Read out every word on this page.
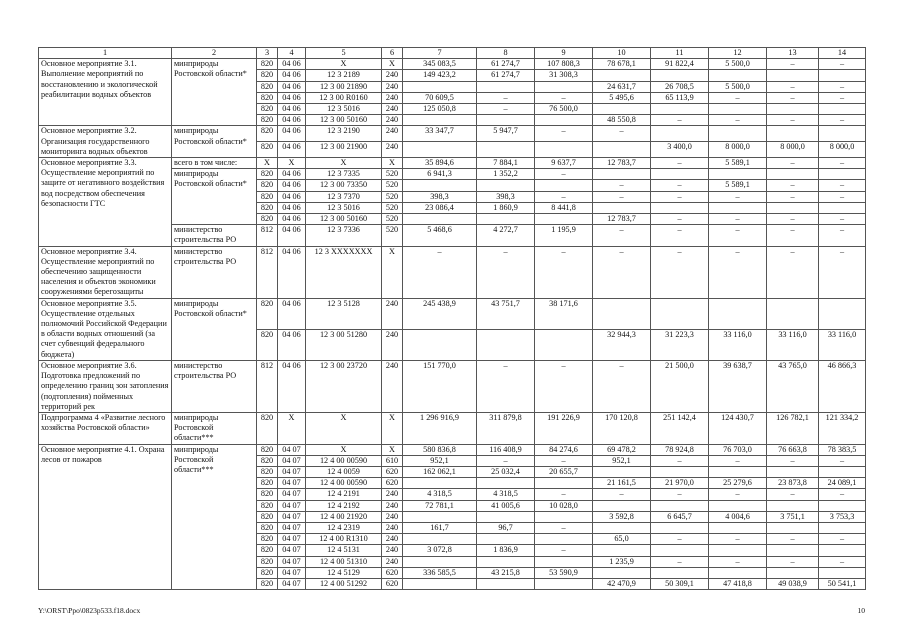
1	2	3	4	5	6	7	8	9	10	11	12	13	14
Основное мероприятие 3.1. Выполнение мероприятий по восстановлению и экологической реабилитации водных объектов	минприроды Ростовской области*	820	04 06	X	X	345 083,5	61 274,7	107 808,3	78 678,1	91 822,4	5 500,0	–	–
		820	04 06	12 3 2189	240	149 423,2	61 274,7	31 308,3					
		820	04 06	12 3 00 21890	240				24 631,7	26 708,5	5 500,0	–	–
		820	04 06	12 3 00 R0160	240	70 609,5	–	–	5 495,6	65 113,9	–	–	–
		820	04 06	12 3 5016	240	125 050,8	–	76 500,0					
		820	04 06	12 3 00 50160	240				48 550,8	–	–	–	–
Основное мероприятие 3.2. Организация государственного мониторинга водных объектов	минприроды Ростовской области*	820	04 06	12 3 2190	240	33 347,7	5 947,7	–	–				
		820	04 06	12 3 00 21900	240					3 400,0	8 000,0	8 000,0	8 000,0
Основное мероприятие 3.3. Осуществление мероприятий по защите от негативного воздействия вод посредством обеспечения безопасности ГТС	всего в том числе:	X	X	X	X	35 894,6	7 884,1	9 637,7	12 783,7	–	5 589,1	–	–
	минприроды Ростовской области*	820	04 06	12 3 7335	520	6 941,3	1 352,2	–					
		820	04 06	12 3 00 73350	520				–	–	5 589,1	–	–
		820	04 06	12 3 7370	520	398,3	398,3	–	–	–	–	–	–
		820	04 06	12 3 5016	520	23 086,4	1 860,9	8 441,8					
		820	04 06	12 3 00 50160	520				12 783,7	–	–	–	–
	министерство строительства РО	812	04 06	12 3 7336	520	5 468,6	4 272,7	1 195,9	–	–	–	–	–
Основное мероприятие 3.4. Осуществление мероприятий по обеспечению защищенности населения и объектов экономики сооружениями берегозащиты	министерство строительства РО	812	04 06	12 3 XXXXXXX	X	–	–	–	–	–	–	–	–
Основное мероприятие 3.5. Осуществление отдельных полномочий Российской Федерации в области водных отношений (за счет субвенций федерального бюджета)	минприроды Ростовской области*	820	04 06	12 3 5128	240	245 438,9	43 751,7	38 171,6					
		820	04 06	12 3 00 51280	240				32 944,3	31 223,3	33 116,0	33 116,0	33 116,0
Основное мероприятие 3.6. Подготовка предложений по определению границ зон затопления (подтопления) пойменных территорий рек	министерство строительства РО	812	04 06	12 3 00 23720	240	151 770,0	–	–	–	21 500,0	39 638,7	43 765,0	46 866,3
Подпрограмма 4 «Развитие лесного хозяйства Ростовской области»	минприроды Ростовской области***	820	X	X	X	1 296 916,9	311 879,8	191 226,9	170 120,8	251 142,4	124 430,7	126 782,1	121 334,2
Основное мероприятие 4.1. Охрана лесов от пожаров	минприроды Ростовской области***	820	04 07	X	X	580 836,8	116 408,9	84 274,6	69 478,2	78 924,8	76 703,0	76 663,8	78 383,5
		820	04 07	12 4 00 00590	610	952,1	–	–	952,1	–	–	–	–
		820	04 07	12 4 0059	620	162 062,1	25 032,4	20 655,7					
		820	04 07	12 4 00 00590	620				21 161,5	21 970,0	25 279,6	23 873,8	24 089,1
		820	04 07	12 4 2191	240	4 318,5	4 318,5	–	–	–	–	–	–
		820	04 07	12 4 2192	240	72 781,1	41 005,6	10 028,0					
		820	04 07	12 4 00 21920	240				3 592,8	6 645,7	4 004,6	3 751,1	3 753,3
		820	04 07	12 4 2319	240	161,7	96,7	–					
		820	04 07	12 4 00 R1310	240				65,0	–	–	–	–
		820	04 07	12 4 5131	240	3 072,8	1 836,9	–					
		820	04 07	12 4 00 51310	240				1 235,9	–	–	–	–
		820	04 07	12 4 5129	620	336 585,5	43 215,8	53 590,9					
		820	04 07	12 4 00 51292	620				42 470,9	50 309,1	47 418,8	49 038,9	50 541,1
Y:\ORST\Ppo\0823p533.f18.docx	10
